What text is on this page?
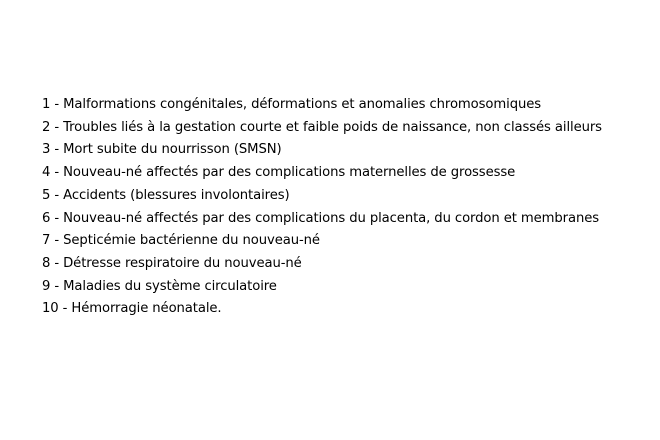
1 - Malformations congénitales, déformations et anomalies chromosomiques
2 - Troubles liés à la gestation courte et faible poids de naissance, non classés ailleurs
3 - Mort subite du nourrisson (SMSN)
4 - Nouveau-né affectés par des complications maternelles de grossesse
5 - Accidents (blessures involontaires)
6 - Nouveau-né affectés par des complications du placenta, du cordon et membranes
7 - Septicémie bactérienne du nouveau-né
8 - Détresse respiratoire du nouveau-né
9 - Maladies du système circulatoire
10 - Hémorragie néonatale.
